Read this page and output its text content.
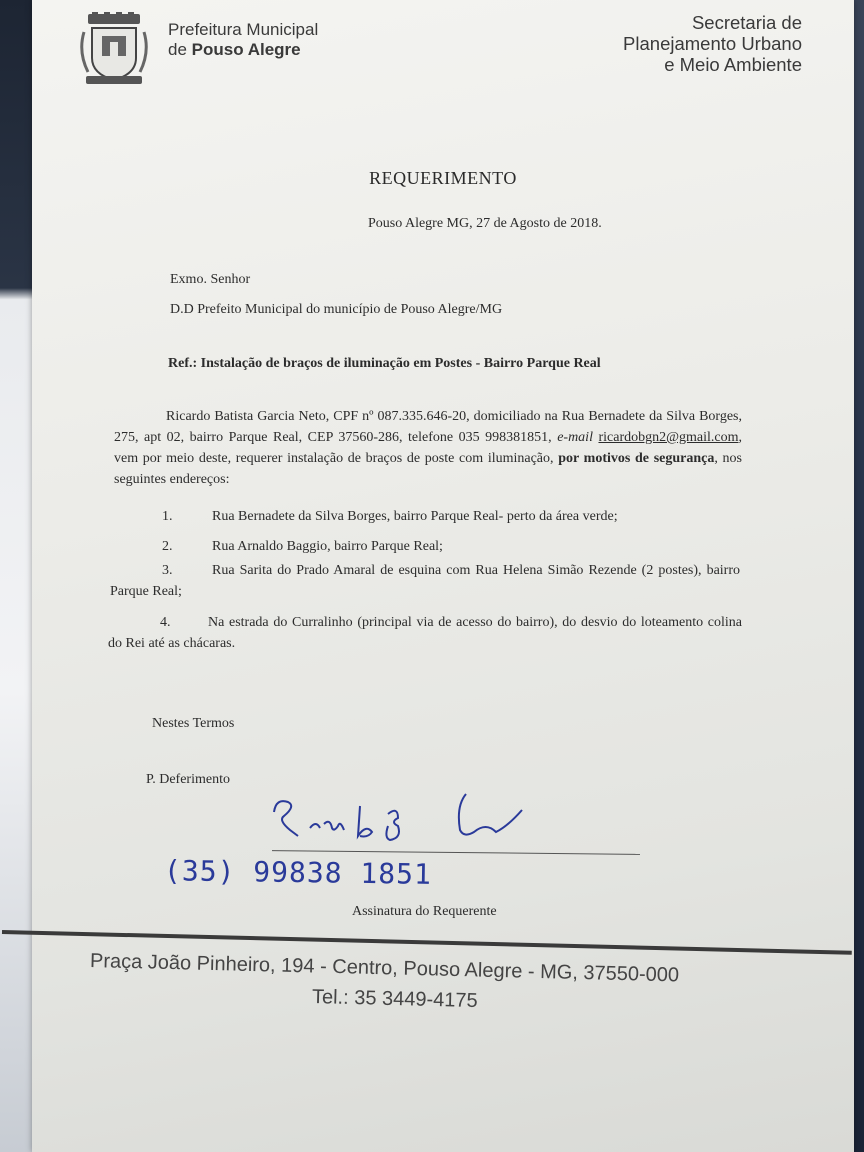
Prefeitura Municipal
de Pouso Alegre
Secretaria de
Planejamento Urbano
e Meio Ambiente
REQUERIMENTO
Pouso Alegre MG, 27 de Agosto de 2018.
Exmo. Senhor
D.D Prefeito Municipal do município de Pouso Alegre/MG
Ref.: Instalação de braços de iluminação em Postes - Bairro Parque Real
Ricardo Batista Garcia Neto, CPF nº 087.335.646-20, domiciliado na Rua Bernadete da Silva Borges, 275, apt 02, bairro Parque Real, CEP 37560-286, telefone 035 998381851, e-mail ricardobgn2@gmail.com, vem por meio deste, requerer instalação de braços de poste com iluminação, por motivos de segurança, nos seguintes endereços:
1.	Rua Bernadete da Silva Borges, bairro Parque Real- perto da área verde;
2.	Rua Arnaldo Baggio, bairro Parque Real;
3.	Rua Sarita do Prado Amaral de esquina com Rua Helena Simão Rezende (2 postes), bairro Parque Real;
4.	Na estrada do Curralinho (principal via de acesso do bairro), do desvio do loteamento colina do Rei até as chácaras.
Nestes Termos
P. Deferimento
(35) 99838 1851
Assinatura do Requerente
Praça João Pinheiro, 194 - Centro, Pouso Alegre - MG, 37550-000
Tel.: 35 3449-4175
